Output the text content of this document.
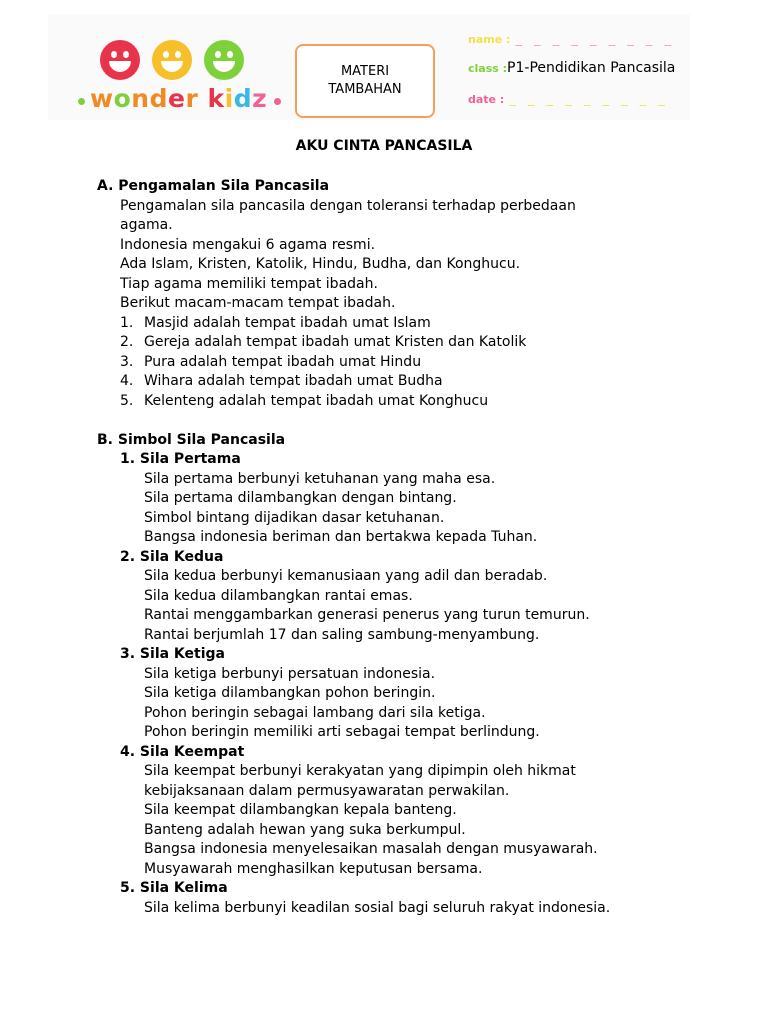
wonder kidz
MATERI
TAMBAHAN
name : _ _ _ _ _ _ _ _ _
class :P1-Pendidikan Pancasila
date : _ _ _ _ _ _ _ _ _
AKU CINTA PANCASILA
A. Pengamalan Sila Pancasila
Pengamalan sila pancasila dengan toleransi terhadap perbedaan
agama.
Indonesia mengakui 6 agama resmi.
Ada Islam, Kristen, Katolik, Hindu, Budha, dan Konghucu.
Tiap agama memiliki tempat ibadah.
Berikut macam-macam tempat ibadah.
1. Masjid adalah tempat ibadah umat Islam
2. Gereja adalah tempat ibadah umat Kristen dan Katolik
3. Pura adalah tempat ibadah umat Hindu
4. Wihara adalah tempat ibadah umat Budha
5. Kelenteng adalah tempat ibadah umat Konghucu
B. Simbol Sila Pancasila
1. Sila Pertama
Sila pertama berbunyi ketuhanan yang maha esa.
Sila pertama dilambangkan dengan bintang.
Simbol bintang dijadikan dasar ketuhanan.
Bangsa indonesia beriman dan bertakwa kepada Tuhan.
2. Sila Kedua
Sila kedua berbunyi kemanusiaan yang adil dan beradab.
Sila kedua dilambangkan rantai emas.
Rantai menggambarkan generasi penerus yang turun temurun.
Rantai berjumlah 17 dan saling sambung-menyambung.
3. Sila Ketiga
Sila ketiga berbunyi persatuan indonesia.
Sila ketiga dilambangkan pohon beringin.
Pohon beringin sebagai lambang dari sila ketiga.
Pohon beringin memiliki arti sebagai tempat berlindung.
4. Sila Keempat
Sila keempat berbunyi kerakyatan yang dipimpin oleh hikmat
kebijaksanaan dalam permusyawaratan perwakilan.
Sila keempat dilambangkan kepala banteng.
Banteng adalah hewan yang suka berkumpul.
Bangsa indonesia menyelesaikan masalah dengan musyawarah.
Musyawarah menghasilkan keputusan bersama.
5. Sila Kelima
Sila kelima berbunyi keadilan sosial bagi seluruh rakyat indonesia.
